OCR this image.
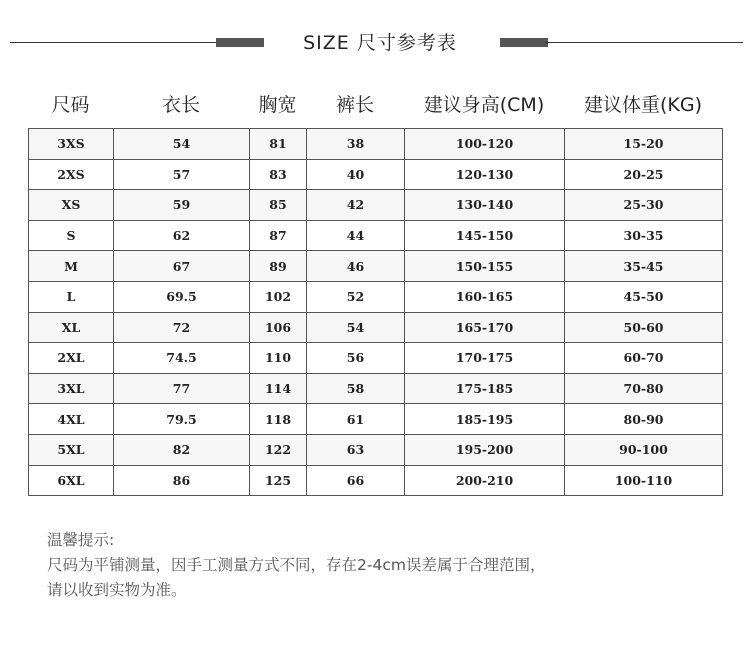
SIZE 尺寸参考表
尺码	衣长	胸宽	裤长	建议身高(CM)	建议体重(KG)
3XS	54	81	38	100-120	15-20
2XS	57	83	40	120-130	20-25
XS	59	85	42	130-140	25-30
S	62	87	44	145-150	30-35
M	67	89	46	150-155	35-45
L	69.5	102	52	160-165	45-50
XL	72	106	54	165-170	50-60
2XL	74.5	110	56	170-175	60-70
3XL	77	114	58	175-185	70-80
4XL	79.5	118	61	185-195	80-90
5XL	82	122	63	195-200	90-100
6XL	86	125	66	200-210	100-110
温馨提示:
尺码为平铺测量，因手工测量方式不同，存在2-4cm误差属于合理范围，
请以收到实物为准。
